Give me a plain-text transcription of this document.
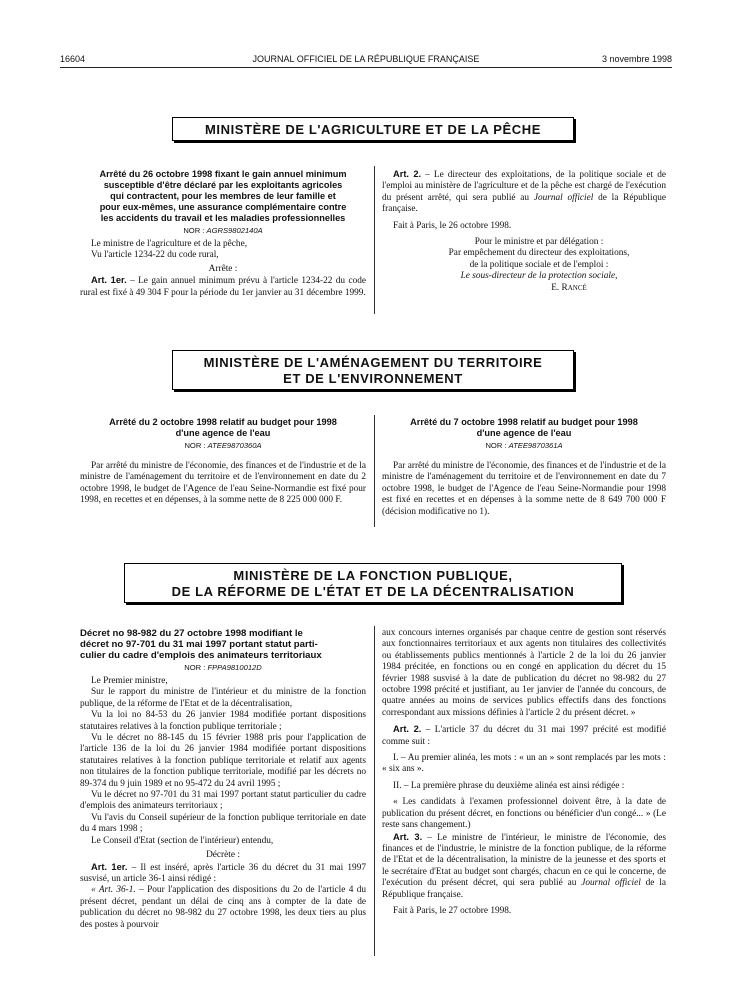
16604	JOURNAL OFFICIEL DE LA RÉPUBLIQUE FRANÇAISE	3 novembre 1998
MINISTÈRE DE L'AGRICULTURE ET DE LA PÊCHE
Arrêté du 26 octobre 1998 fixant le gain annuel minimum
susceptible d'être déclaré par les exploitants agricoles
qui contractent, pour les membres de leur famille et
pour eux-mêmes, une assurance complémentaire contre
les accidents du travail et les maladies professionnelles
NOR : AGRS9802140A

Le ministre de l'agriculture et de la pêche,

Vu l'article 1234-22 du code rural,

Arrête :

Art. 1er. – Le gain annuel minimum prévu à l'article 1234-22 du code rural est fixé à 49 304 F pour la période du 1er janvier au 31 décembre 1999.

Art. 2. – Le directeur des exploitations, de la politique sociale et de l'emploi au ministère de l'agriculture et de la pêche est chargé de l'exécution du présent arrêté, qui sera publié au Journal officiel de la République française.

Fait à Paris, le 26 octobre 1998.

Pour le ministre et par délégation :

Par empêchement du directeur des exploitations,

de la politique sociale et de l'emploi :

Le sous-directeur de la protection sociale,

E. Rancé

MINISTÈRE DE L'AMÉNAGEMENT DU TERRITOIRE
ET DE L'ENVIRONNEMENT
Arrêté du 2 octobre 1998 relatif au budget pour 1998
d'une agence de l'eau
NOR : ATEE9870360A

Par arrêté du ministre de l'économie, des finances et de l'industrie et de la ministre de l'aménagement du territoire et de l'environnement en date du 2 octobre 1998, le budget de l'Agence de l'eau Seine-Normandie est fixé pour 1998, en recettes et en dépenses, à la somme nette de 8 225 000 000 F.

Arrêté du 7 octobre 1998 relatif au budget pour 1998
d'une agence de l'eau
NOR : ATEE9870361A

Par arrêté du ministre de l'économie, des finances et de l'industrie et de la ministre de l'aménagement du territoire et de l'environnement en date du 7 octobre 1998, le budget de l'Agence de l'eau Seine-Normandie pour 1998 est fixé en recettes et en dépenses à la somme nette de 8 649 700 000 F (décision modificative no 1).

MINISTÈRE DE LA FONCTION PUBLIQUE,
DE LA RÉFORME DE L'ÉTAT ET DE LA DÉCENTRALISATION
Décret no 98-982 du 27 octobre 1998 modifiant le
décret no 97-701 du 31 mai 1997 portant statut parti-
culier du cadre d'emplois des animateurs territoriaux
NOR : FPPA9810012D

Le Premier ministre,

Sur le rapport du ministre de l'intérieur et du ministre de la fonction publique, de la réforme de l'Etat et de la décentralisation,

Vu la loi no 84-53 du 26 janvier 1984 modifiée portant dispositions statutaires relatives à la fonction publique territoriale ;

Vu le décret no 88-145 du 15 février 1988 pris pour l'application de l'article 136 de la loi du 26 janvier 1984 modifiée portant dispositions statutaires relatives à la fonction publique territoriale et relatif aux agents non titulaires de la fonction publique territoriale, modifié par les décrets no 89-374 du 9 juin 1989 et no 95-472 du 24 avril 1995 ;

Vu le décret no 97-701 du 31 mai 1997 portant statut particulier du cadre d'emplois des animateurs territoriaux ;

Vu l'avis du Conseil supérieur de la fonction publique territoriale en date du 4 mars 1998 ;

Le Conseil d'Etat (section de l'intérieur) entendu,

Décrète :

Art. 1er. – Il est inséré, après l'article 36 du décret du 31 mai 1997 susvisé, un article 36-1 ainsi rédigé :

« Art. 36-1. – Pour l'application des dispositions du 2o de l'article 4 du présent décret, pendant un délai de cinq ans à compter de la date de publication du décret no 98-982 du 27 octobre 1998, les deux tiers au plus des postes à pourvoir

aux concours internes organisés par chaque centre de gestion sont réservés aux fonctionnaires territoriaux et aux agents non titulaires des collectivités ou établissements publics mentionnés à l'article 2 de la loi du 26 janvier 1984 précitée, en fonctions ou en congé en application du décret du 15 février 1988 susvisé à la date de publication du décret no 98-982 du 27 octobre 1998 précité et justifiant, au 1er janvier de l'année du concours, de quatre années au moins de services publics effectifs dans des fonctions correspondant aux missions définies à l'article 2 du présent décret. »

Art. 2. – L'article 37 du décret du 31 mai 1997 précité est modifié comme suit :

I. – Au premier alinéa, les mots : « un an » sont remplacés par les mots : « six ans ».

II. – La première phrase du deuxième alinéa est ainsi rédigée :

« Les candidats à l'examen professionnel doivent être, à la date de publication du présent décret, en fonctions ou bénéficier d'un congé... » (Le reste sans changement.)

Art. 3. – Le ministre de l'intérieur, le ministre de l'économie, des finances et de l'industrie, le ministre de la fonction publique, de la réforme de l'Etat et de la décentralisation, la ministre de la jeunesse et des sports et le secrétaire d'Etat au budget sont chargés, chacun en ce qui le concerne, de l'exécution du présent décret, qui sera publié au Journal officiel de la République française.

Fait à Paris, le 27 octobre 1998.
